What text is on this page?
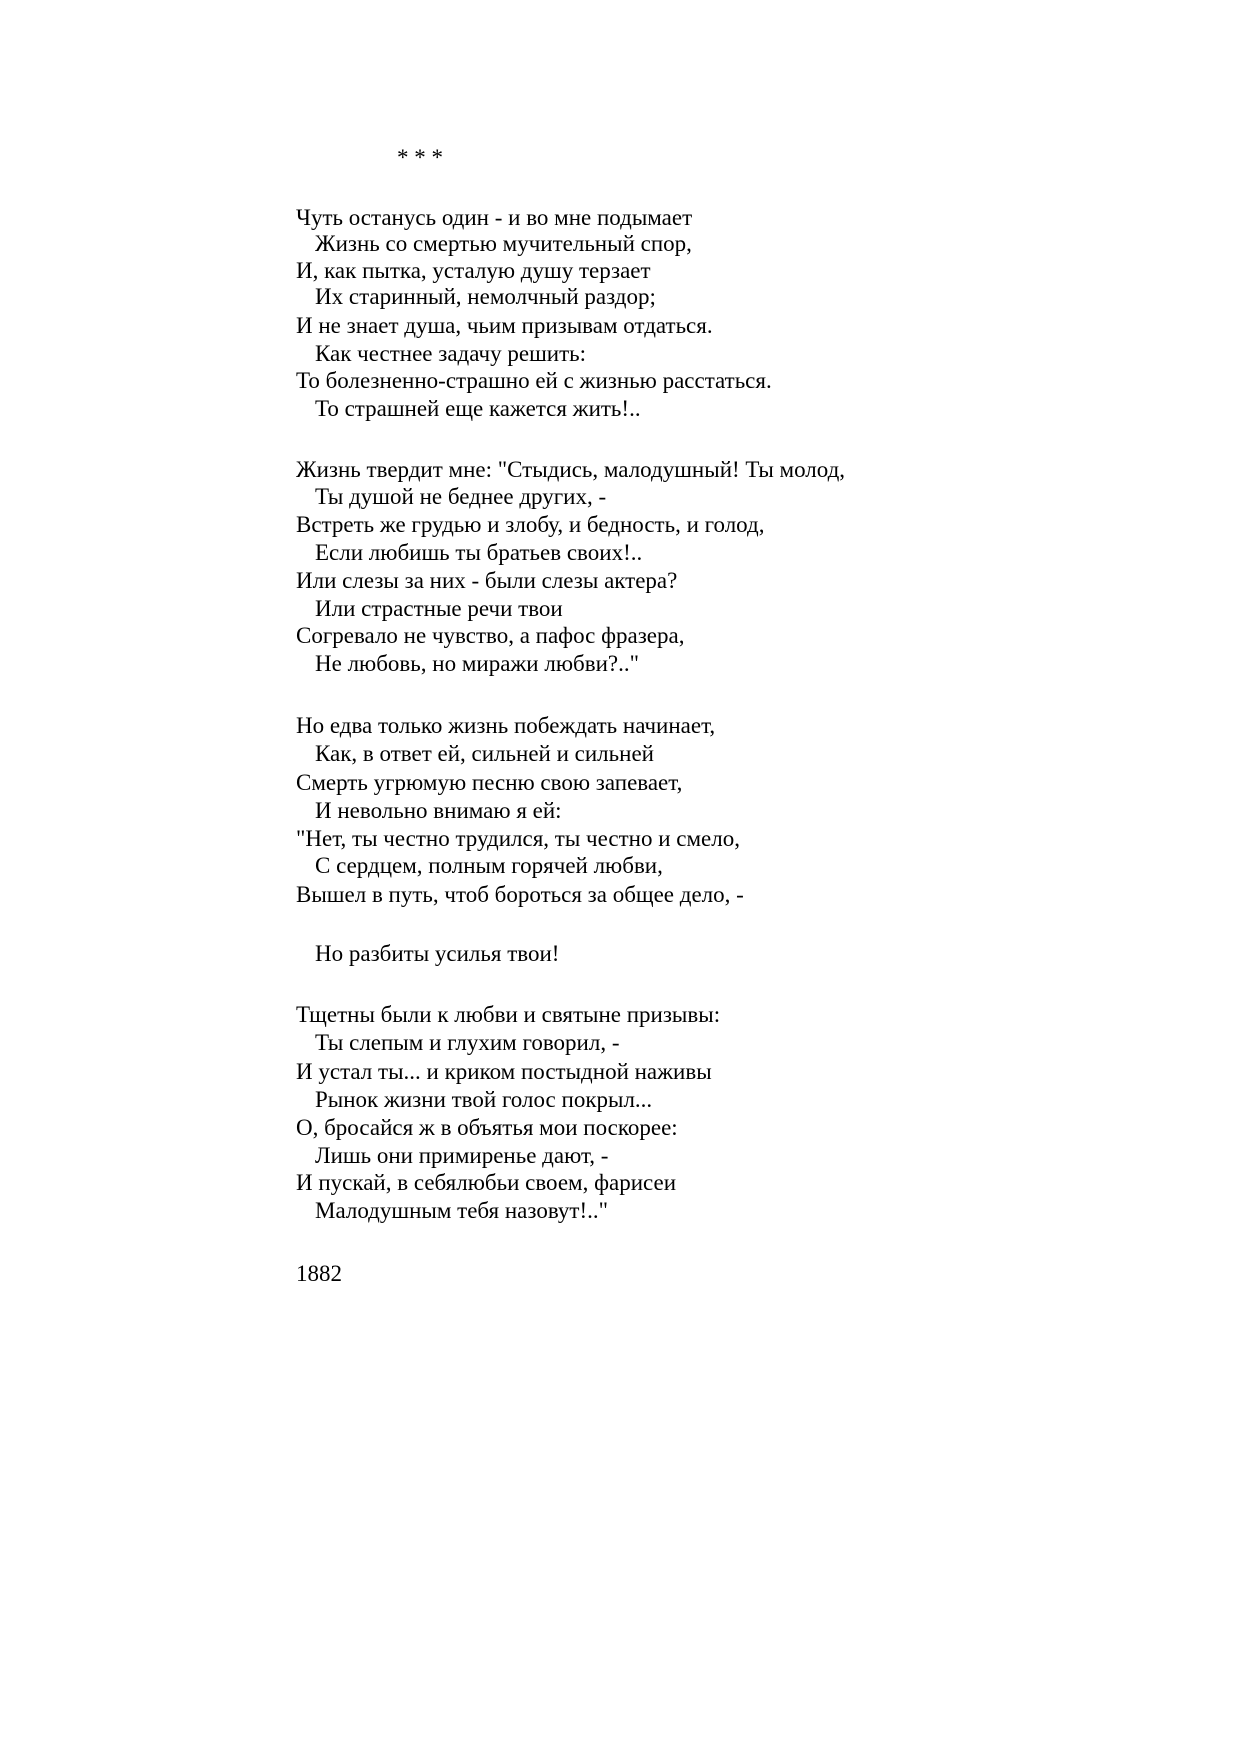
* * *
Чуть останусь один - и во мне подымает
Жизнь со смертью мучительный спор,
И, как пытка, усталую душу терзает
Их старинный, немолчный раздор;
И не знает душа, чьим призывам отдаться.
Как честнее задачу решить:
То болезненно-страшно ей с жизнью расстаться.
То страшней еще кажется жить!..
Жизнь твердит мне: "Стыдись, малодушный! Ты молод,
Ты душой не беднее других, -
Встреть же грудью и злобу, и бедность, и голод,
Если любишь ты братьев своих!..
Или слезы за них - были слезы актера?
Или страстные речи твои
Согревало не чувство, а пафос фразера,
Не любовь, но миражи любви?.."
Но едва только жизнь побеждать начинает,
Как, в ответ ей, сильней и сильней
Смерть угрюмую песню свою запевает,
И невольно внимаю я ей:
"Нет, ты честно трудился, ты честно и смело,
С сердцем, полным горячей любви,
Вышел в путь, чтоб бороться за общее дело, -
Но разбиты усилья твои!
Тщетны были к любви и святыне призывы:
Ты слепым и глухим говорил, -
И устал ты... и криком постыдной наживы
Рынок жизни твой голос покрыл...
О, бросайся ж в объятья мои поскорее:
Лишь они примиренье дают, -
И пускай, в себялюбьи своем, фарисеи
Малодушным тебя назовут!.."
1882
